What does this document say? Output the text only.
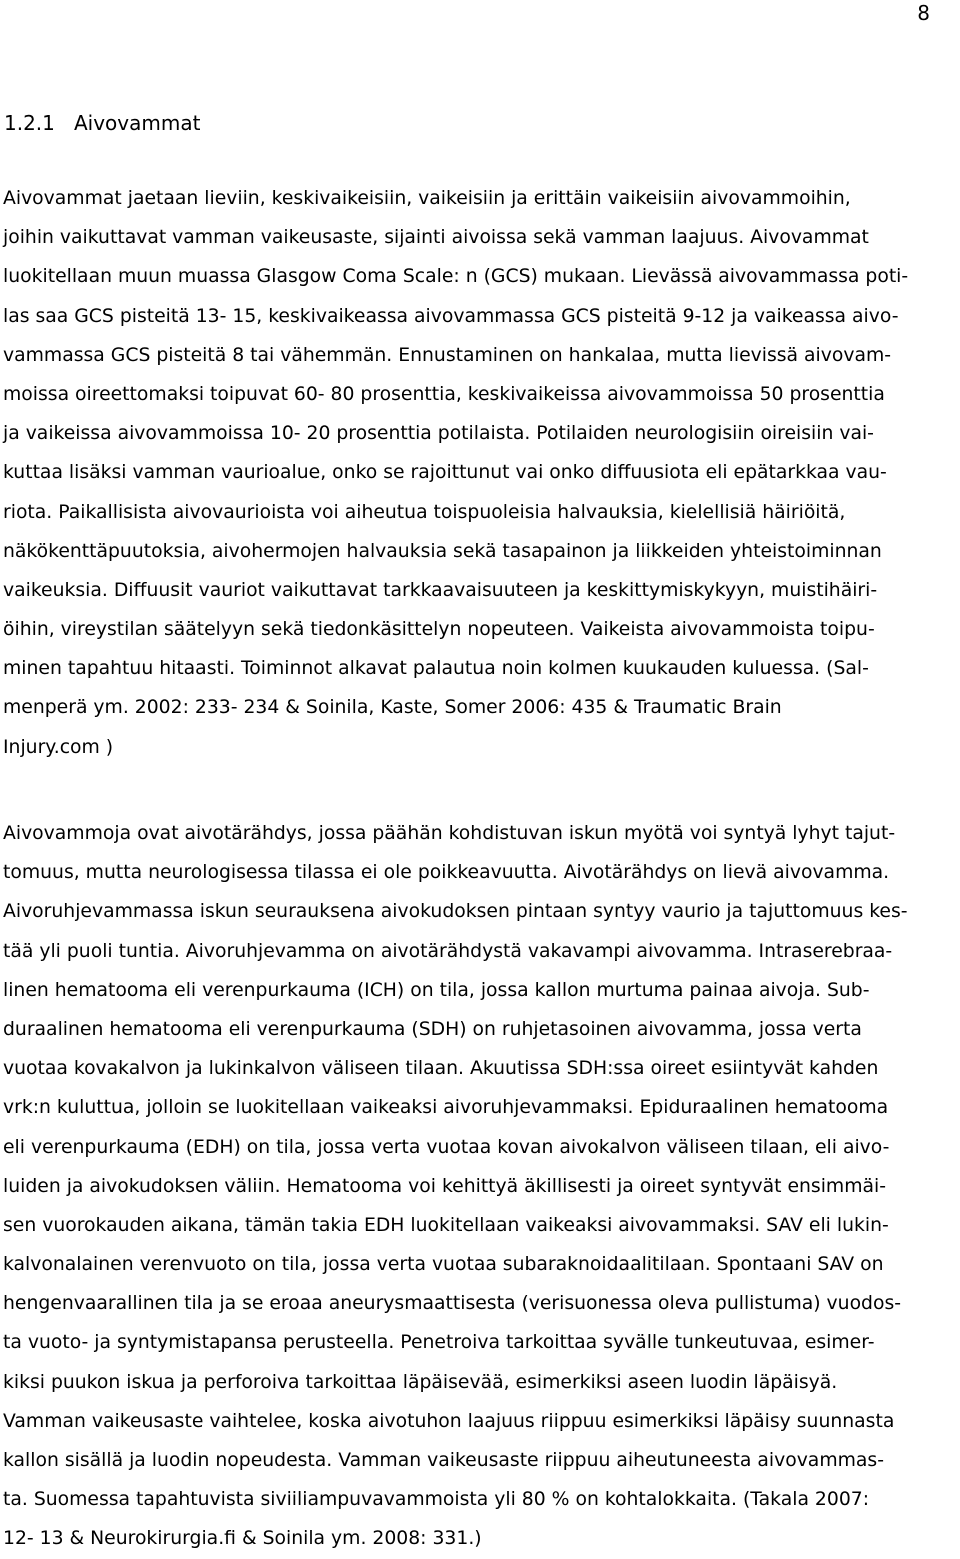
8
1.2.1   Aivovammat
Aivovammat jaetaan lieviin, keskivaikeisiin, vaikeisiin ja erittäin vaikeisiin aivovammoihin,
joihin vaikuttavat vamman vaikeusaste, sijainti aivoissa sekä vamman laajuus. Aivovammat
luokitellaan muun muassa Glasgow Coma Scale: n (GCS) mukaan. Lievässä aivovammassa poti-
las saa GCS pisteitä 13- 15, keskivaikeassa aivovammassa GCS pisteitä 9-12 ja vaikeassa aivo-
vammassa GCS pisteitä 8 tai vähemmän. Ennustaminen on hankalaa, mutta lievissä aivovam-
moissa oireettomaksi toipuvat 60- 80 prosenttia, keskivaikeissa aivovammoissa 50 prosenttia
ja vaikeissa aivovammoissa 10- 20 prosenttia potilaista. Potilaiden neurologisiin oireisiin vai-
kuttaa lisäksi vamman vaurioalue, onko se rajoittunut vai onko diffuusiota eli epätarkkaa vau-
riota. Paikallisista aivovaurioista voi aiheutua toispuoleisia halvauksia, kielellisiä häiriöitä,
näkökenttäpuutoksia, aivohermojen halvauksia sekä tasapainon ja liikkeiden yhteistoiminnan
vaikeuksia. Diffuusit vauriot vaikuttavat tarkkaavaisuuteen ja keskittymiskykyyn, muistihäiri-
öihin, vireystilan säätelyyn sekä tiedonkäsittelyn nopeuteen. Vaikeista aivovammoista toipu-
minen tapahtuu hitaasti. Toiminnot alkavat palautua noin kolmen kuukauden kuluessa. (Sal-
menperä ym. 2002: 233- 234 & Soinila, Kaste, Somer 2006: 435 & Traumatic Brain
Injury.com )
Aivovammoja ovat aivotärähdys, jossa päähän kohdistuvan iskun myötä voi syntyä lyhyt tajut-
tomuus, mutta neurologisessa tilassa ei ole poikkeavuutta. Aivotärähdys on lievä aivovamma.
Aivoruhjevammassa iskun seurauksena aivokudoksen pintaan syntyy vaurio ja tajuttomuus kes-
tää yli puoli tuntia. Aivoruhjevamma on aivotärähdystä vakavampi aivovamma. Intraserebraa-
linen hematooma eli verenpurkauma (ICH) on tila, jossa kallon murtuma painaa aivoja. Sub-
duraalinen hematooma eli verenpurkauma (SDH) on ruhjetasoinen aivovamma, jossa verta
vuotaa kovakalvon ja lukinkalvon väliseen tilaan. Akuutissa SDH:ssa oireet esiintyvät kahden
vrk:n kuluttua, jolloin se luokitellaan vaikeaksi aivoruhjevammaksi. Epiduraalinen hematooma
eli verenpurkauma (EDH) on tila, jossa verta vuotaa kovan aivokalvon väliseen tilaan, eli aivo-
luiden ja aivokudoksen väliin. Hematooma voi kehittyä äkillisesti ja oireet syntyvät ensimmäi-
sen vuorokauden aikana, tämän takia EDH luokitellaan vaikeaksi aivovammaksi. SAV eli lukin-
kalvonalainen verenvuoto on tila, jossa verta vuotaa subaraknoidaalitilaan. Spontaani SAV on
hengenvaarallinen tila ja se eroaa aneurysmaattisesta (verisuonessa oleva pullistuma) vuodos-
ta vuoto- ja syntymistapansa perusteella. Penetroiva tarkoittaa syvälle tunkeutuvaa, esimer-
kiksi puukon iskua ja perforoiva tarkoittaa läpäisevää, esimerkiksi aseen luodin läpäisyä.
Vamman vaikeusaste vaihtelee, koska aivotuhon laajuus riippuu esimerkiksi läpäisy suunnasta
kallon sisällä ja luodin nopeudesta. Vamman vaikeusaste riippuu aiheutuneesta aivovammas-
ta. Suomessa tapahtuvista siviiliampuvavammoista yli 80 % on kohtalokkaita. (Takala 2007:
12- 13 & Neurokirurgia.fi & Soinila ym. 2008: 331.)
